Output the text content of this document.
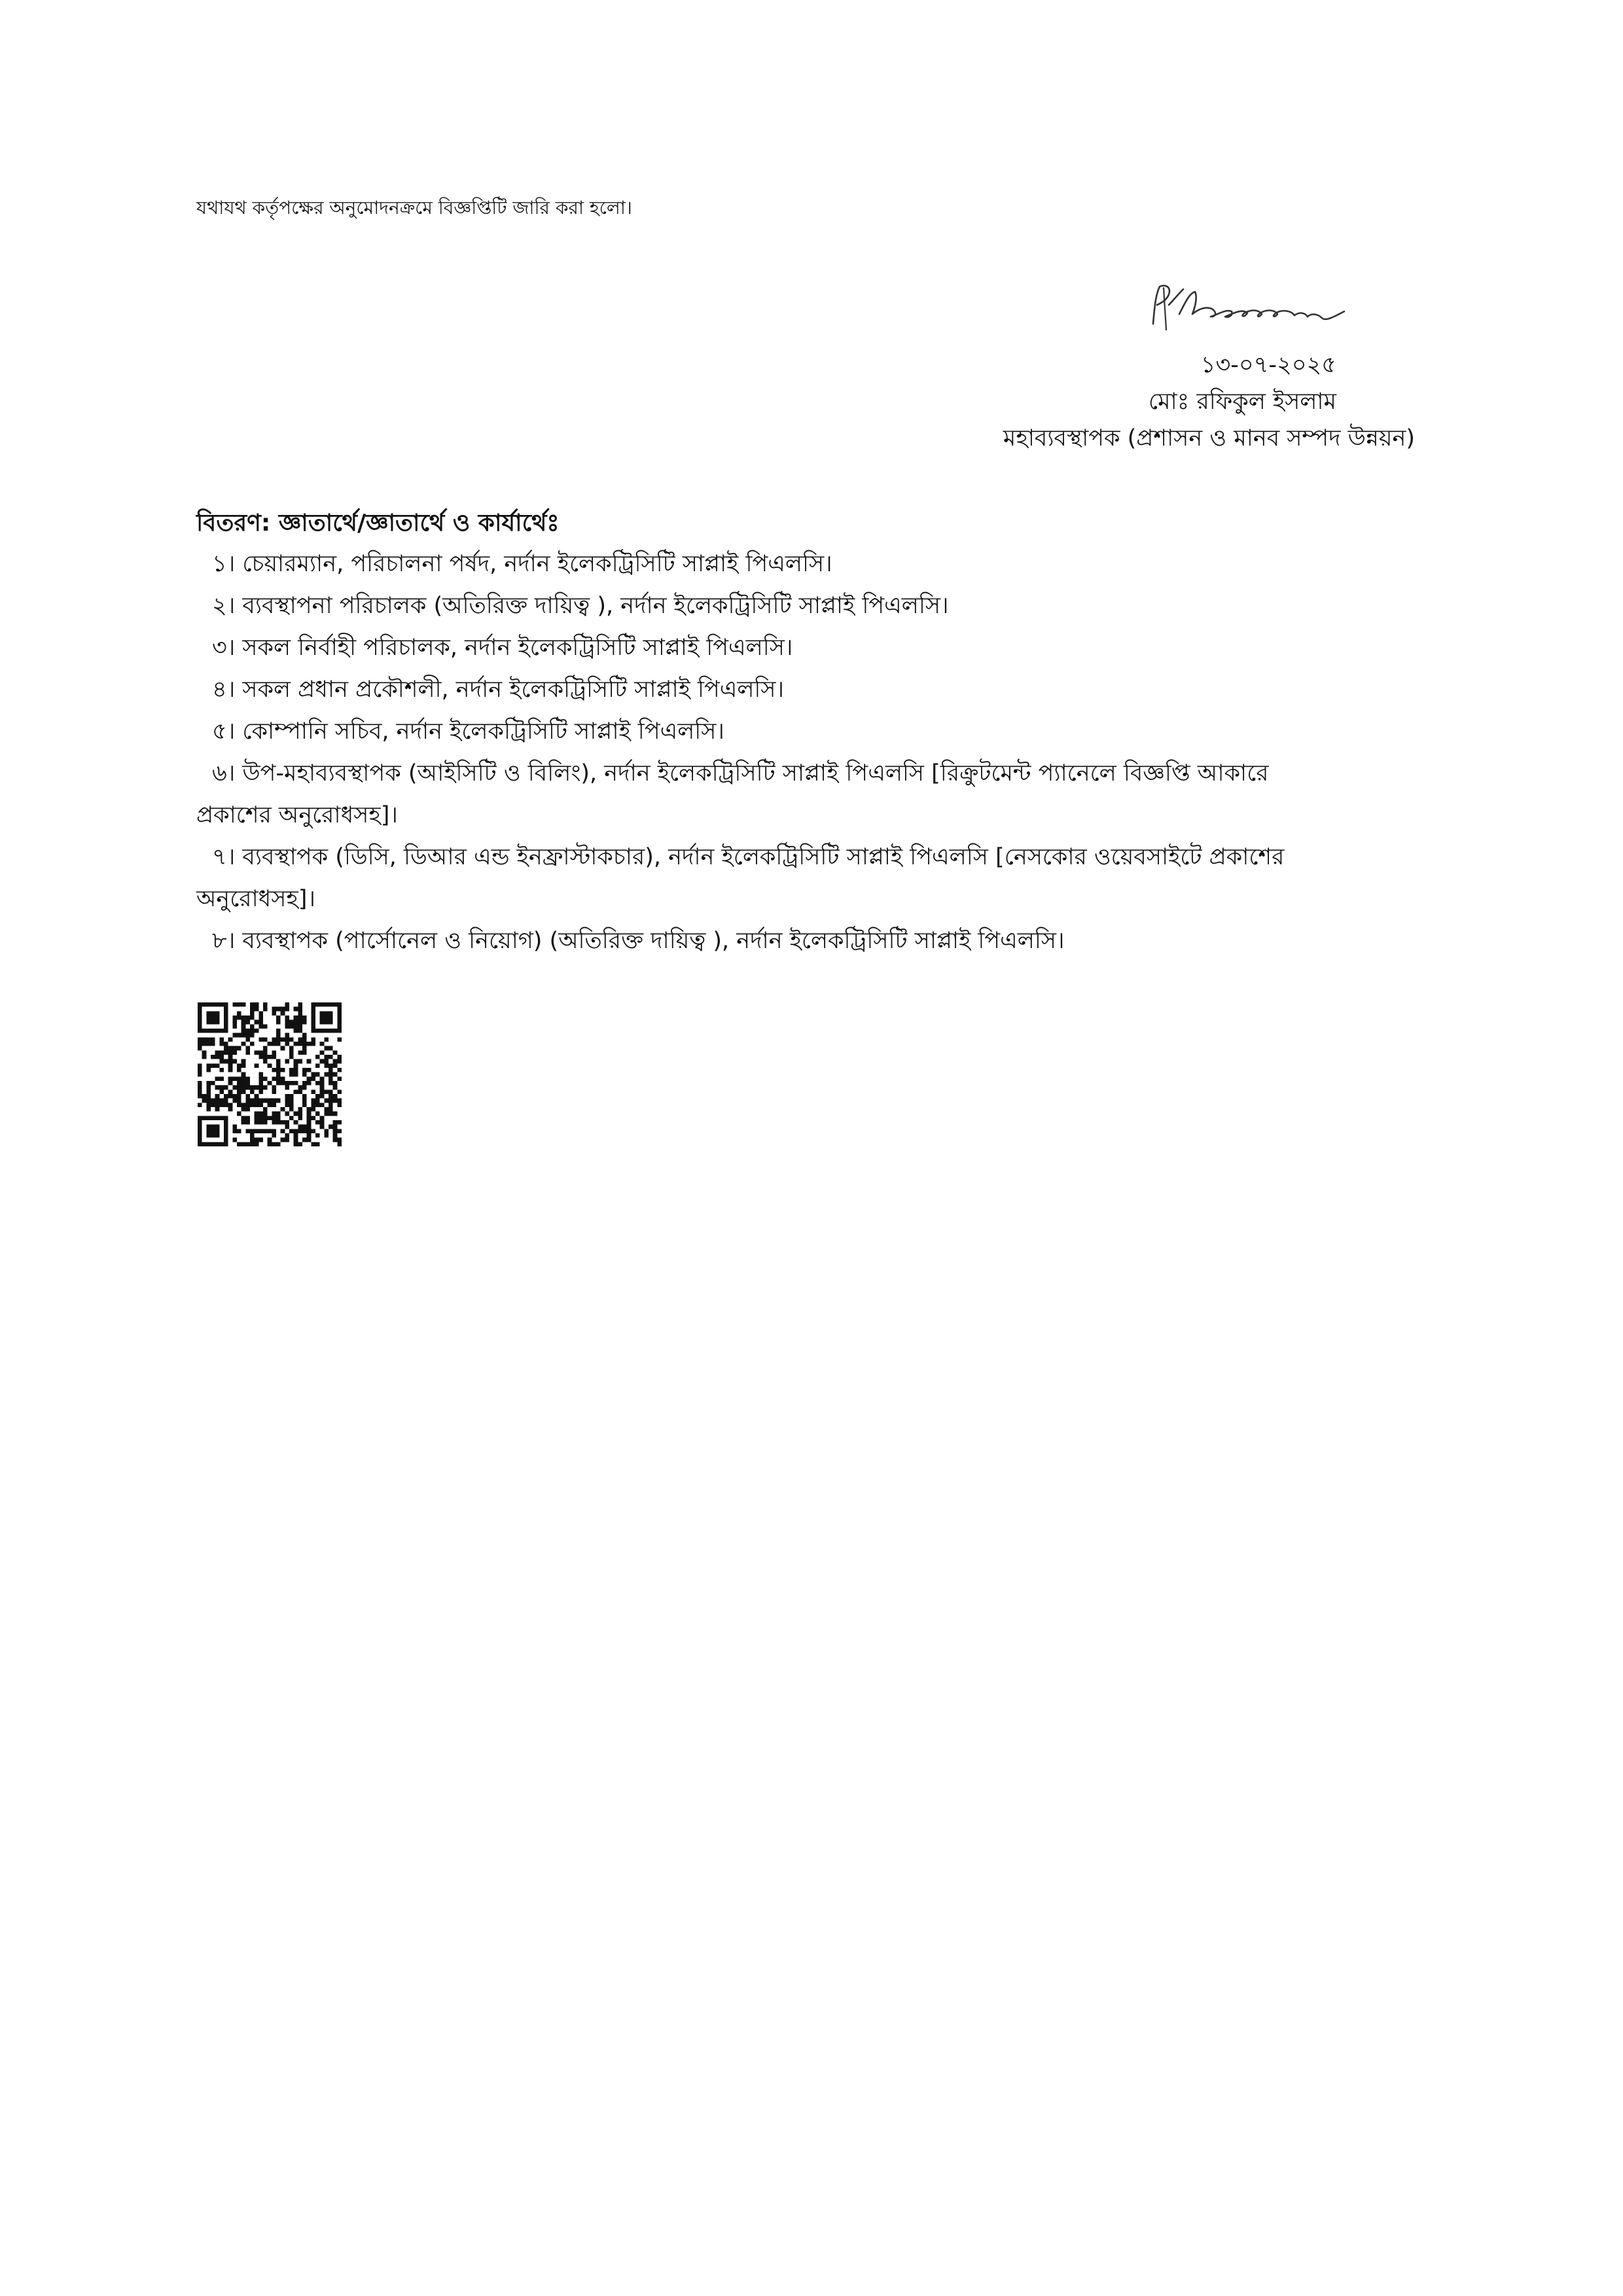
যথাযথ কর্তৃপক্ষের অনুমোদনক্রমে বিজ্ঞপ্তিটি জারি করা হলো।
১৩-০৭-২০২৫
মোঃ রফিকুল ইসলাম
মহাব্যবস্থাপক (প্রশাসন ও মানব সম্পদ উন্নয়ন)
বিতরণ: জ্ঞাতার্থে/জ্ঞাতার্থে ও কার্যার্থেঃ
১। চেয়ারম্যান, পরিচালনা পর্ষদ, নর্দান ইলেকট্রিসিটি সাপ্লাই পিএলসি।
২। ব্যবস্থাপনা পরিচালক (অতিরিক্ত দায়িত্ব ), নর্দান ইলেকট্রিসিটি সাপ্লাই পিএলসি।
৩। সকল নির্বাহী পরিচালক, নর্দান ইলেকট্রিসিটি সাপ্লাই পিএলসি।
৪। সকল প্রধান প্রকৌশলী, নর্দান ইলেকট্রিসিটি সাপ্লাই পিএলসি।
৫। কোম্পানি সচিব, নর্দান ইলেকট্রিসিটি সাপ্লাই পিএলসি।
৬। উপ-মহাব্যবস্থাপক (আইসিটি ও বিলিং), নর্দান ইলেকট্রিসিটি সাপ্লাই পিএলসি [রিক্রুটমেন্ট প্যানেলে বিজ্ঞপ্তি আকারে
প্রকাশের অনুরোধসহ]।
৭। ব্যবস্থাপক (ডিসি, ডিআর এন্ড ইনফ্রাস্টাকচার), নর্দান ইলেকট্রিসিটি সাপ্লাই পিএলসি [নেসকোর ওয়েবসাইটে প্রকাশের
অনুরোধসহ]।
৮। ব্যবস্থাপক (পার্সোনেল ও নিয়োগ) (অতিরিক্ত দায়িত্ব ), নর্দান ইলেকট্রিসিটি সাপ্লাই পিএলসি।
